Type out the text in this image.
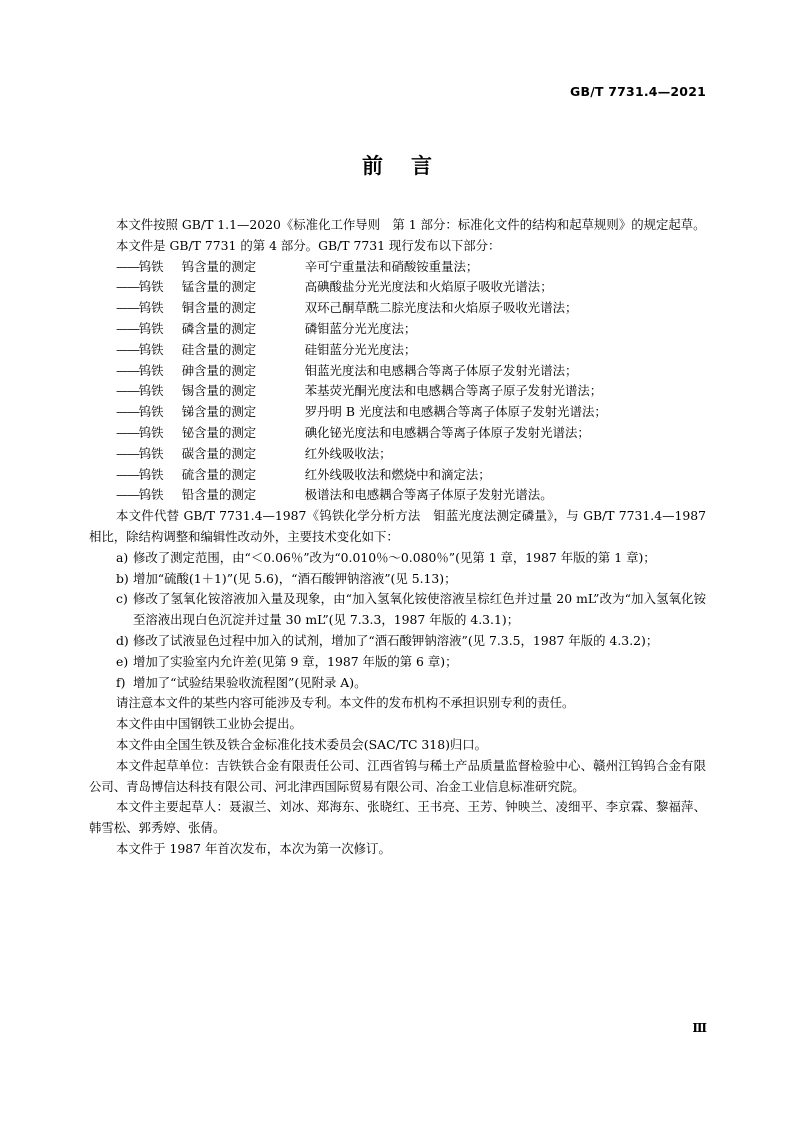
GB/T 7731.4—2021
前言

本文件按照 GB/T 1.1—2020《标准化工作导则　第 1 部分：标准化文件的结构和起草规则》的规定起草。

本文件是 GB/T 7731 的第 4 部分。GB/T 7731 现行发布以下部分：

——钨铁 钨含量的测定	辛可宁重量法和硝酸铵重量法；
——钨铁 锰含量的测定	高碘酸盐分光光度法和火焰原子吸收光谱法；
——钨铁 铜含量的测定	双环己酮草酰二腙光度法和火焰原子吸收光谱法；
——钨铁 磷含量的测定	磷钼蓝分光光度法；
——钨铁 硅含量的测定	硅钼蓝分光光度法；
——钨铁 砷含量的测定	钼蓝光度法和电感耦合等离子体原子发射光谱法；
——钨铁 锡含量的测定	苯基荧光酮光度法和电感耦合等离子原子发射光谱法；
——钨铁 锑含量的测定	罗丹明 B 光度法和电感耦合等离子体原子发射光谱法；
——钨铁 铋含量的测定	碘化铋光度法和电感耦合等离子体原子发射光谱法；
——钨铁 碳含量的测定	红外线吸收法；
——钨铁 硫含量的测定	红外线吸收法和燃烧中和滴定法；
——钨铁 铅含量的测定	极谱法和电感耦合等离子体原子发射光谱法。

本文件代替 GB/T 7731.4—1987《钨铁化学分析方法　钼蓝光度法测定磷量》，与 GB/T 7731.4—1987 相比，除结构调整和编辑性改动外，主要技术变化如下：

a) 修改了测定范围，由“＜0.06％”改为“0.010％～0.080％”(见第 1 章，1987 年版的第 1 章)；
b) 增加“硫酸(1＋1)”(见 5.6)，“酒石酸钾钠溶液”(见 5.13)；
c) 修改了氢氧化铵溶液加入量及现象，由“加入氢氧化铵使溶液呈棕红色并过量 20 mL”改为“加入氢氧化铵至溶液出现白色沉淀并过量 30 mL”(见 7.3.3，1987 年版的 4.3.1)；
d) 修改了试液显色过程中加入的试剂，增加了“酒石酸钾钠溶液”(见 7.3.5，1987 年版的 4.3.2)；
e) 增加了实验室内允许差(见第 9 章，1987 年版的第 6 章)；
f) 增加了“试验结果验收流程图”(见附录 A)。

请注意本文件的某些内容可能涉及专利。本文件的发布机构不承担识别专利的责任。

本文件由中国钢铁工业协会提出。

本文件由全国生铁及铁合金标准化技术委员会(SAC/TC 318)归口。

本文件起草单位：吉铁铁合金有限责任公司、江西省钨与稀土产品质量监督检验中心、赣州江钨钨合金有限公司、青岛博信达科技有限公司、河北津西国际贸易有限公司、冶金工业信息标准研究院。

本文件主要起草人：聂淑兰、刘冰、郑海东、张晓红、王书亮、王芳、钟映兰、凌细平、李京霖、黎福萍、韩雪松、郭秀婷、张倩。

本文件于 1987 年首次发布，本次为第一次修订。

Ⅲ
